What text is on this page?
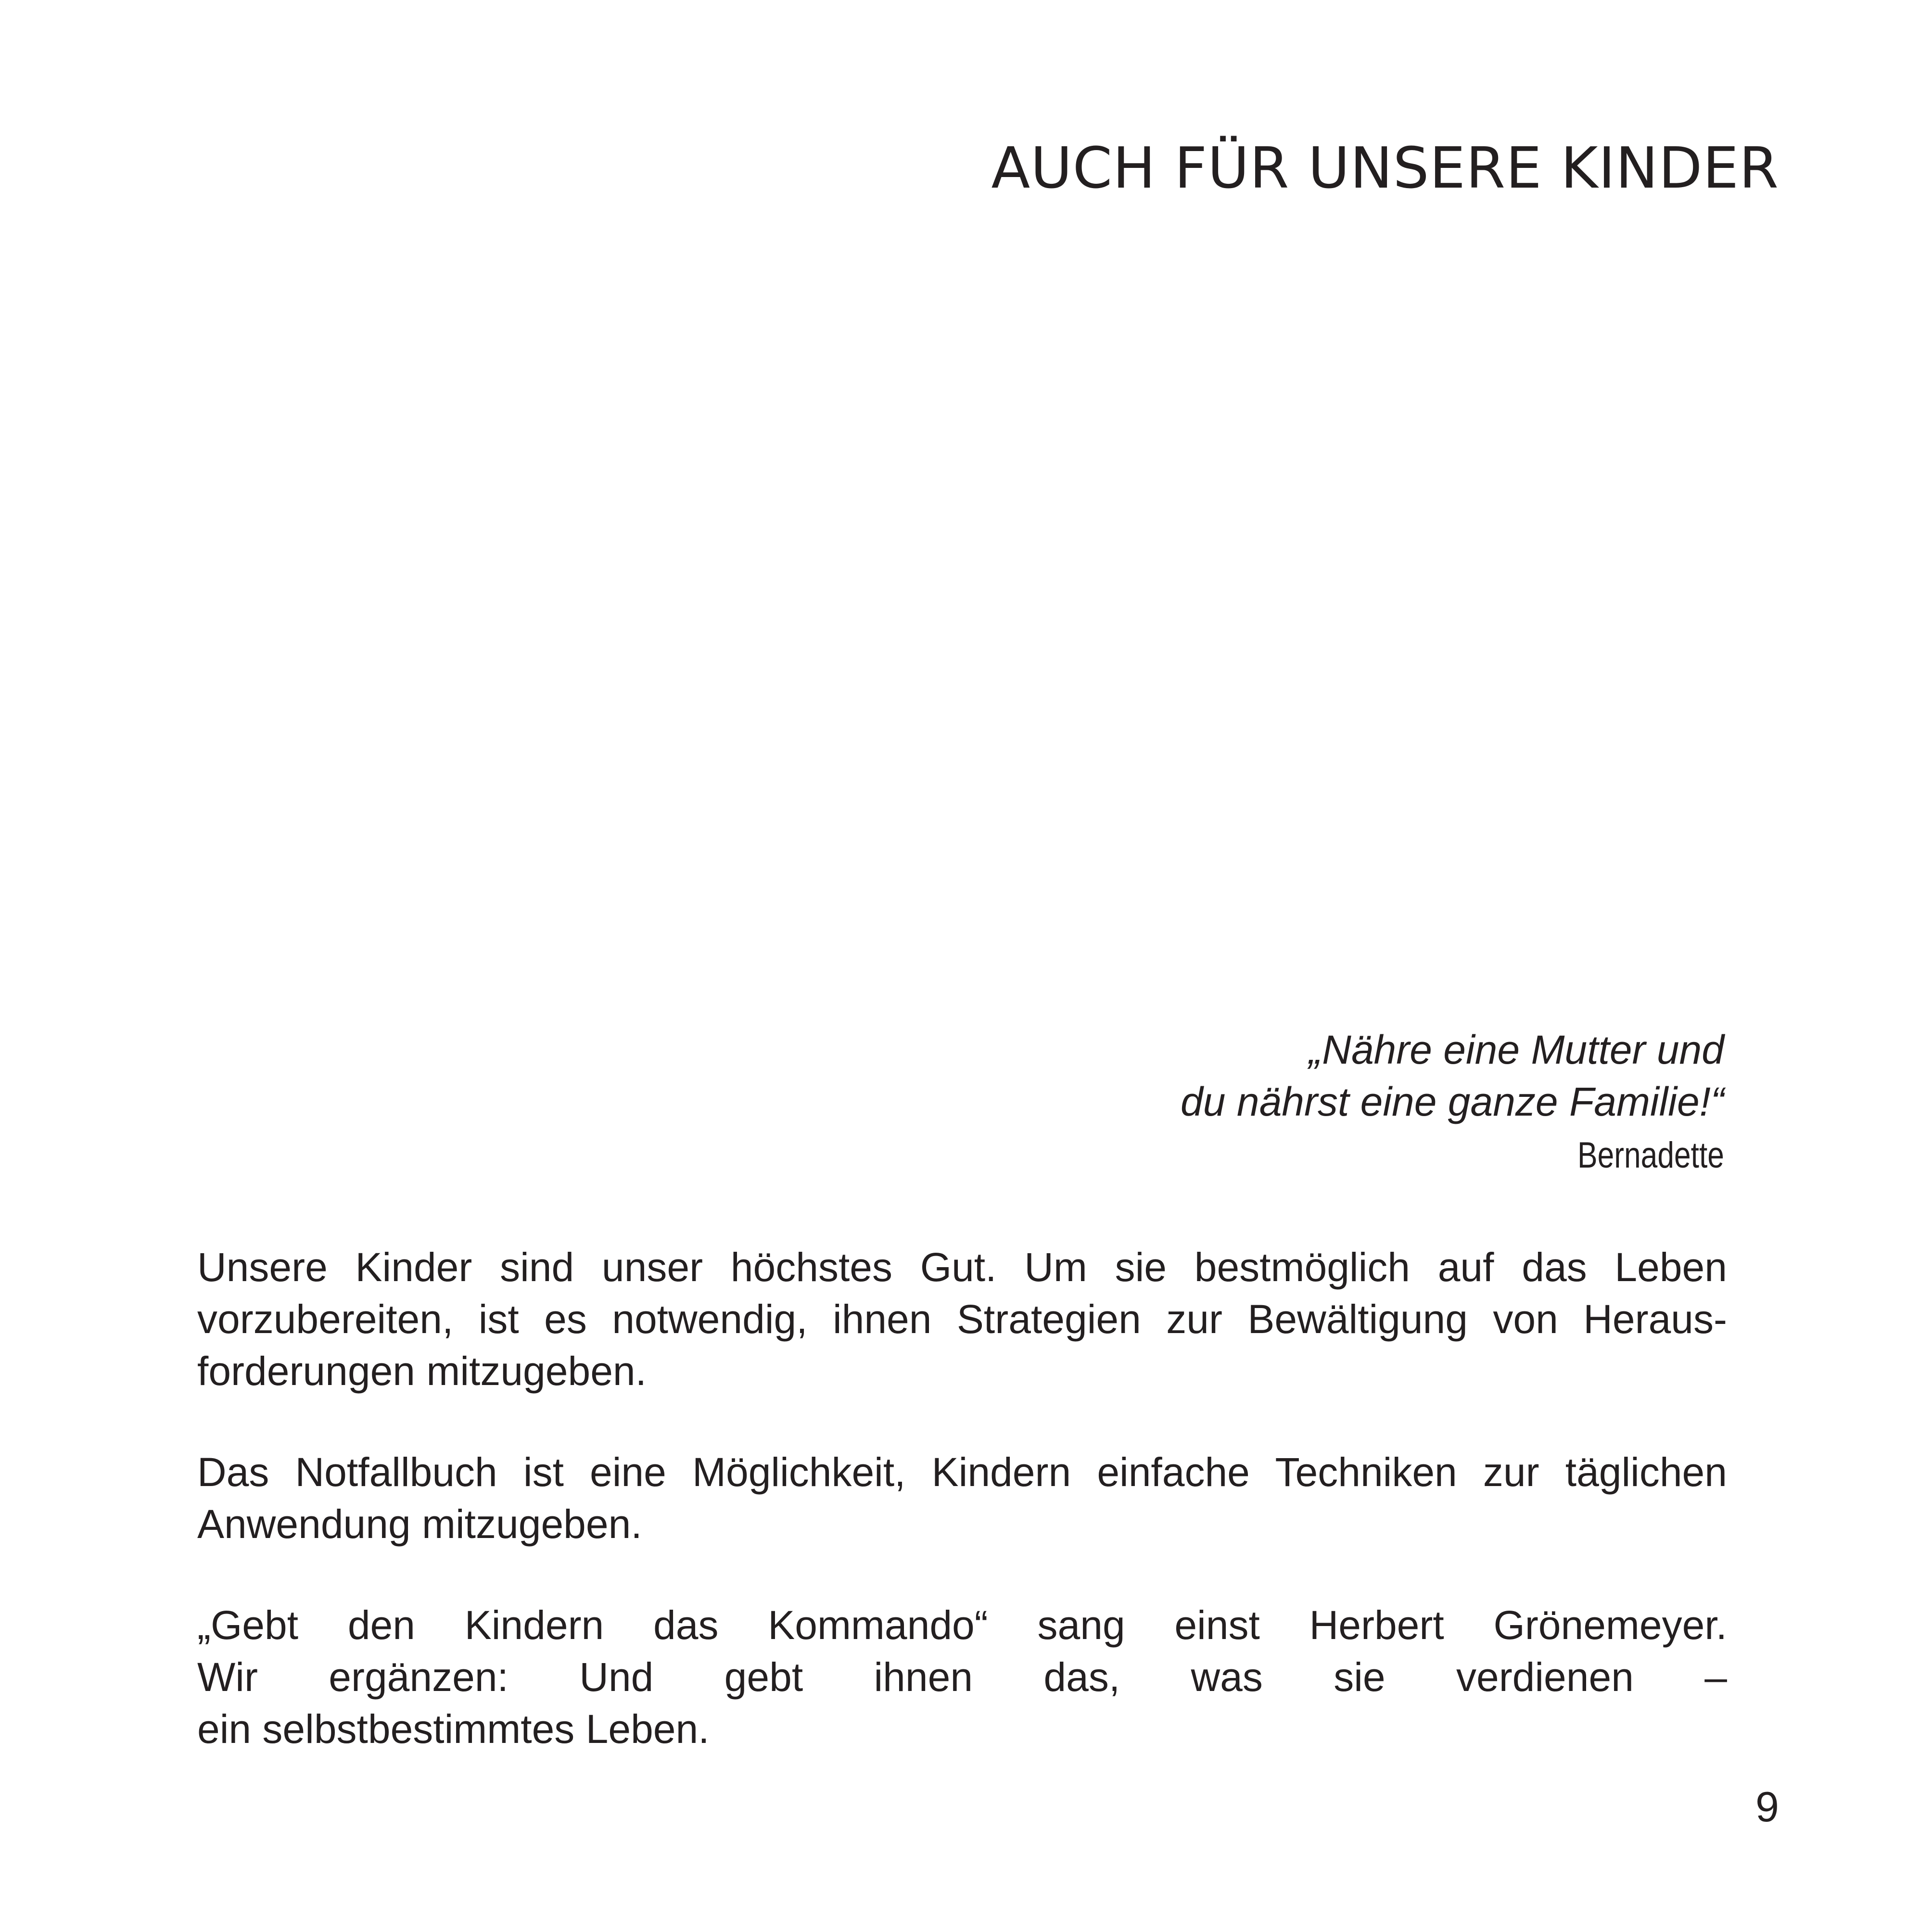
AUCH FÜR UNSERE KINDER
„Nähre eine Mutter und
du nährst eine ganze Familie!“
Bernadette

Unsere Kinder sind unser höchstes Gut. Um sie bestmöglich auf das Leben
vorzubereiten, ist es notwendig, ihnen Strategien zur Bewältigung von Heraus-
forderungen mitzugeben.

Das Notfallbuch ist eine Möglichkeit, Kindern einfache Techniken zur täglichen
Anwendung mitzugeben.

„Gebt den Kindern das Kommando“ sang einst Herbert Grönemeyer.
Wir ergänzen: Und gebt ihnen das, was sie verdienen –
ein selbstbestimmtes Leben.

9
